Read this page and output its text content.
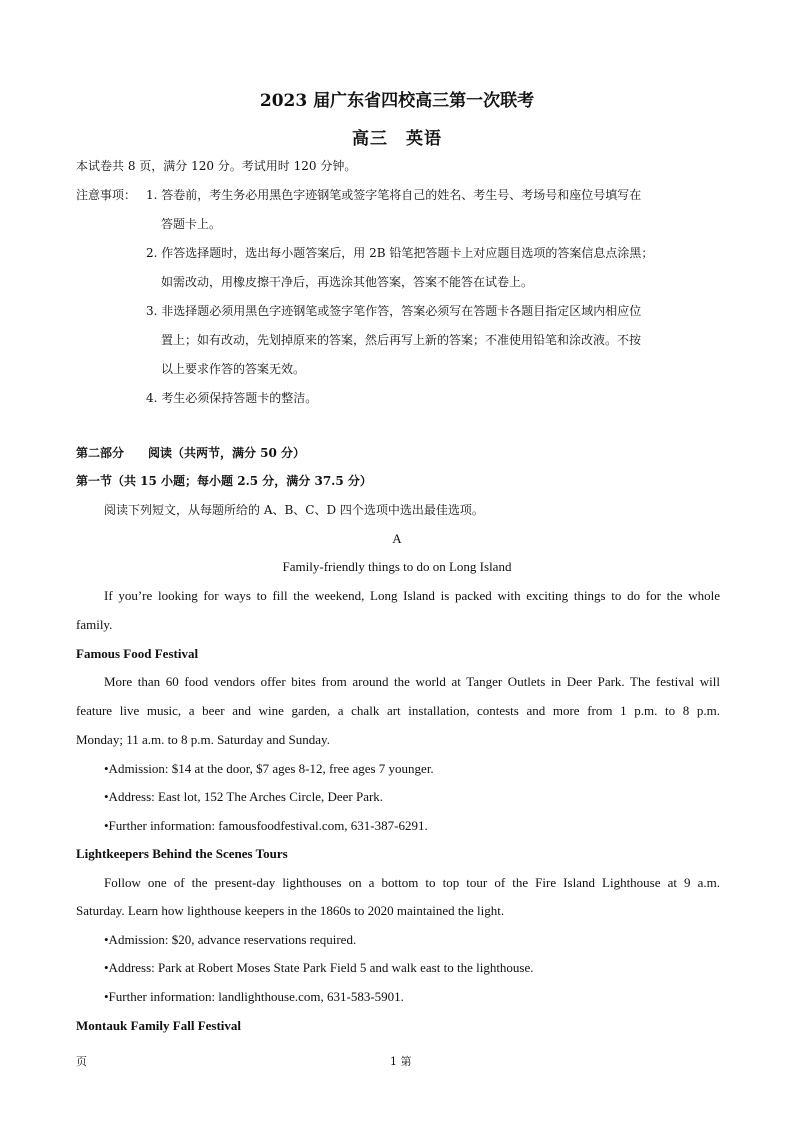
2023 届广东省四校高三第一次联考
高三 英语
本试卷共 8 页，满分 120 分。考试用时 120 分钟。
注意事项： 1. 答卷前，考生务必用黑色字迹钢笔或签字笔将自己的姓名、考生号、考场号和座位号填写在
答题卡上。
2. 作答选择题时，选出每小题答案后，用 2B 铅笔把答题卡上对应题目选项的答案信息点涂黑；
如需改动，用橡皮擦干净后，再选涂其他答案，答案不能答在试卷上。
3. 非选择题必须用黑色字迹钢笔或签字笔作答，答案必须写在答题卡各题目指定区域内相应位
置上；如有改动，先划掉原来的答案，然后再写上新的答案；不准使用铅笔和涂改液。不按
以上要求作答的答案无效。
4. 考生必须保持答题卡的整洁。
第二部分　　阅读（共两节，满分 50 分）
第一节（共 15 小题；每小题 2.5 分，满分 37.5 分）
阅读下列短文，从每题所给的 A、B、C、D 四个选项中选出最佳选项。
A
Family-friendly things to do on Long Island
If you’re looking for ways to fill the weekend, Long Island is packed with exciting things to do for the whole
family.
Famous Food Festival
More than 60 food vendors offer bites from around the world at Tanger Outlets in Deer Park. The festival will
feature live music, a beer and wine garden, a chalk art installation, contests and more from 1 p.m. to 8 p.m.
Monday; 11 a.m. to 8 p.m. Saturday and Sunday.
•Admission: $14 at the door, $7 ages 8-12, free ages 7 younger.
•Address: East lot, 152 The Arches Circle, Deer Park.
•Further information: famousfoodfestival.com, 631-387-6291.
Lightkeepers Behind the Scenes Tours
Follow one of the present-day lighthouses on a bottom to top tour of the Fire Island Lighthouse at 9 a.m.
Saturday. Learn how lighthouse keepers in the 1860s to 2020 maintained the light.
•Admission: $20, advance reservations required.
•Address: Park at Robert Moses State Park Field 5 and walk east to the lighthouse.
•Further information: landlighthouse.com, 631-583-5901.
Montauk Family Fall Festival
页	1 第
